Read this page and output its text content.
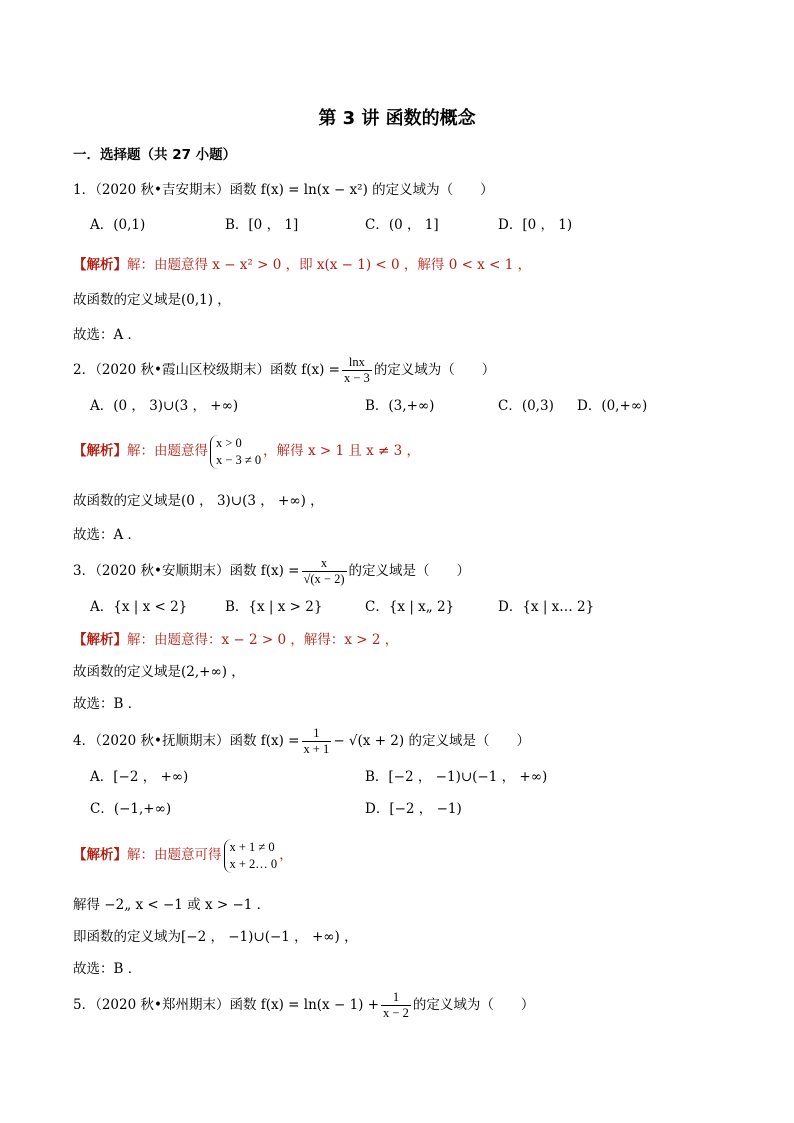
第 3 讲 函数的概念
一．选择题（共 27 小题）
1．（2020 秋•吉安期末）函数 f(x) = ln(x − x²) 的定义域为（　　）
A．(0,1)	B．[0 ， 1]	C．(0 ， 1]	D．[0 ， 1)
【解析】解：由题意得 x − x² > 0 ，即 x(x − 1) < 0 ，解得 0 < x < 1 ，
故函数的定义域是(0,1) ，
故选：A ．
2．（2020 秋•霞山区校级期末）函数 $f(x) = \frac{\ln x}{x - 3}$ 的定义域为（　　）
A．(0 ， 3)∪(3 ， +∞)	B．(3,+∞)	C．(0,3) D．(0,+∞)
【解析】解：由题意得
x > 0
x − 3 ≠ 0
，解得 x > 1 且 x ≠ 3 ，
故函数的定义域是(0 ， 3)∪(3 ， +∞) ，
故选：A ．
3．（2020 秋•安顺期末）函数 $f(x) = \frac{x}{√(x - 2)}$ 的定义域是（　　）
A．{x | x < 2}	B．{x | x > 2}	C．{x | x„ 2}	D．{x | x… 2}
【解析】解：由题意得：x − 2 > 0 ，解得：x > 2 ，
故函数的定义域是(2,+∞) ，
故选：B ．
4．（2020 秋•抚顺期末）函数 $f(x) = \frac{1}{x + 1} - √(x + 2)$ 的定义域是（　　）
A．[−2 ， +∞)	B．[−2 ， −1)∪(−1 ， +∞)
C．(−1,+∞)	D．[−2 ， −1)
【解析】解：由题意可得
x + 1 ≠ 0
x + 2… 0
，
解得 −2„ x < −1 或 x > −1 ．
即函数的定义域为[−2 ， −1)∪(−1 ， +∞) ，
故选：B ．
5．（2020 秋•郑州期末）函数 $f(x) = \ln(x - 1) + \frac{1}{x - 2}$ 的定义域为（　　）
